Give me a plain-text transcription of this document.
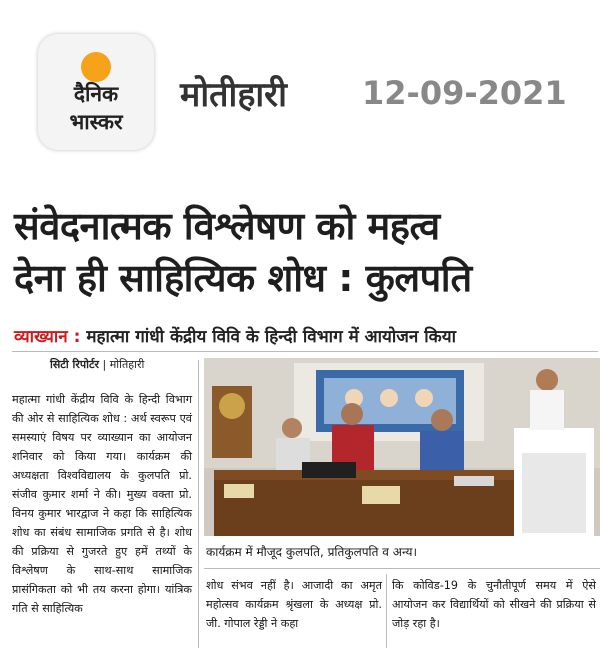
दैनिक
भास्कर
मोतीहारी 12-09-2021
संवेदनात्मक विश्लेषण को महत्व
देना ही साहित्यिक शोध : कुलपति
व्याख्यान : महात्मा गांधी केंद्रीय विवि के हिन्दी विभाग में आयोजन किया
सिटी रिपोर्टर | मोतिहारी
महात्मा गांधी केंद्रीय विवि के हिन्दी विभाग की ओर से साहित्यिक शोध : अर्थ स्वरूप एवं समस्याएं विषय पर व्याख्यान का आयोजन शनिवार को किया गया। कार्यक्रम की अध्यक्षता विश्वविद्यालय के कुलपति प्रो. संजीव कुमार शर्मा ने की। मुख्य वक्ता प्रो. विनय कुमार भारद्वाज ने कहा कि साहित्यिक शोध का संबंध सामाजिक प्रगति से है। शोध की प्रक्रिया से गुजरते हुए हमें तथ्यों के विश्लेषण के साथ-साथ सामाजिक प्रासंगिकता को भी तय करना होगा। यांत्रिक गति से साहित्यिक
कार्यक्रम में मौजूद कुलपति, प्रतिकुलपति व अन्य।
शोध संभव नहीं है। आजादी का अमृत महोत्सव कार्यक्रम श्रृंखला के अध्यक्ष प्रो. जी. गोपाल रेड्डी ने कहा
कि कोविड-19 के चुनौतीपूर्ण समय में ऐसे आयोजन कर विद्यार्थियों को सीखने की प्रक्रिया से जोड़ रहा है।
